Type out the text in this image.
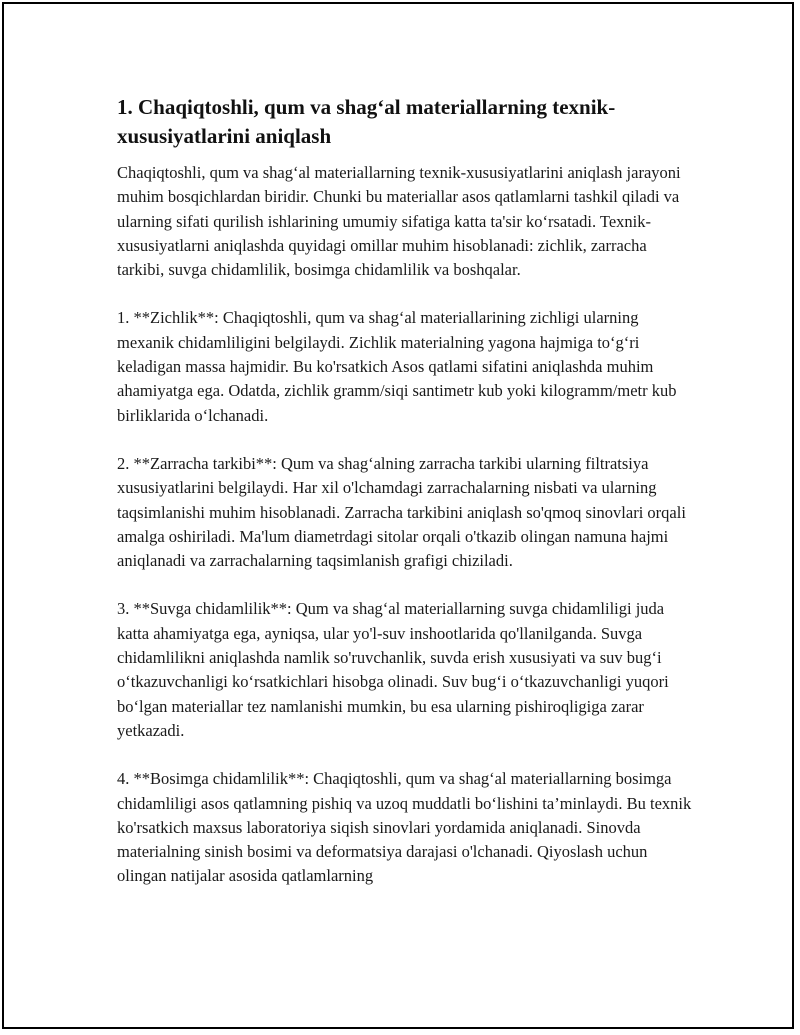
1. Chaqiqtoshli, qum va shag‘al materiallarning texnik-xususiyatlarini aniqlash

Chaqiqtoshli, qum va shag‘al materiallarning texnik-xususiyatlarini aniqlash jarayoni muhim bosqichlardan biridir. Chunki bu materiallar asos qatlamlarni tashkil qiladi va ularning sifati qurilish ishlarining umumiy sifatiga katta ta'sir ko‘rsatadi. Texnik-xususiyatlarni aniqlashda quyidagi omillar muhim hisoblanadi: zichlik, zarracha tarkibi, suvga chidamlilik, bosimga chidamlilik va boshqalar.

1. **Zichlik**: Chaqiqtoshli, qum va shag‘al materiallarining zichligi ularning mexanik chidamliligini belgilaydi. Zichlik materialning yagona hajmiga to‘g‘ri keladigan massa hajmidir. Bu ko'rsatkich Asos qatlami sifatini aniqlashda muhim ahamiyatga ega. Odatda, zichlik gramm/siqi santimetr kub yoki kilogramm/metr kub birliklarida o‘lchanadi.

2. **Zarracha tarkibi**: Qum va shag‘alning zarracha tarkibi ularning filtratsiya xususiyatlarini belgilaydi. Har xil o'lchamdagi zarrachalarning nisbati va ularning taqsimlanishi muhim hisoblanadi. Zarracha tarkibini aniqlash so'qmoq sinovlari orqali amalga oshiriladi. Ma'lum diametrdagi sitolar orqali o'tkazib olingan namuna hajmi aniqlanadi va zarrachalarning taqsimlanish grafigi chiziladi.

3. **Suvga chidamlilik**: Qum va shag‘al materiallarning suvga chidamliligi juda katta ahamiyatga ega, ayniqsa, ular yo'l-suv inshootlarida qo'llanilganda. Suvga chidamlilikni aniqlashda namlik so'ruvchanlik, suvda erish xususiyati va suv bug‘i o‘tkazuvchanligi ko‘rsatkichlari hisobga olinadi. Suv bug‘i o‘tkazuvchanligi yuqori bo‘lgan materiallar tez namlanishi mumkin, bu esa ularning pishiroqligiga zarar yetkazadi.

4. **Bosimga chidamlilik**: Chaqiqtoshli, qum va shag‘al materiallarning bosimga chidamliligi asos qatlamning pishiq va uzoq muddatli bo‘lishini ta’minlaydi. Bu texnik ko'rsatkich maxsus laboratoriya siqish sinovlari yordamida aniqlanadi. Sinovda materialning sinish bosimi va deformatsiya darajasi o'lchanadi. Qiyoslash uchun olingan natijalar asosida qatlamlarning
